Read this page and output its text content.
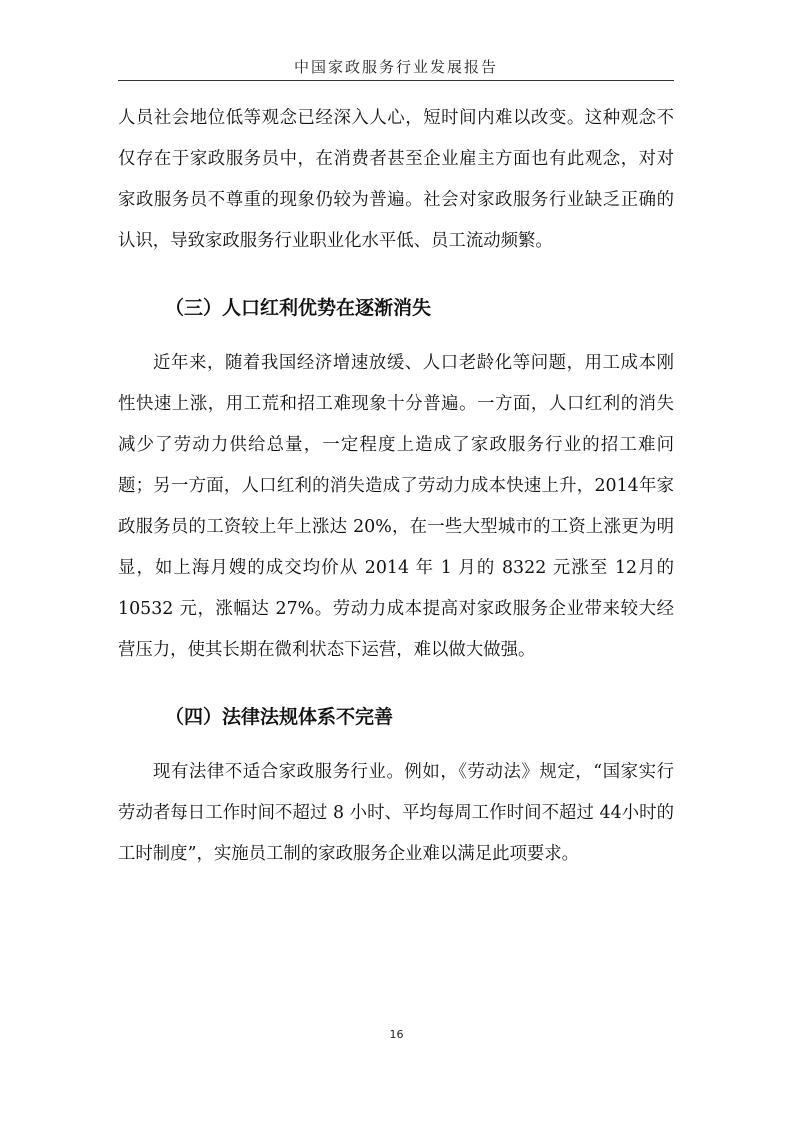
中国家政服务行业发展报告

人员社会地位低等观念已经深入人心，短时间内难以改变。这种观念不仅存在于家政服务员中，在消费者甚至企业雇主方面也有此观念，对对家政服务员不尊重的现象仍较为普遍。社会对家政服务行业缺乏正确的认识，导致家政服务行业职业化水平低、员工流动频繁。

（三）人口红利优势在逐渐消失

近年来，随着我国经济增速放缓、人口老龄化等问题，用工成本刚性快速上涨，用工荒和招工难现象十分普遍。一方面，人口红利的消失减少了劳动力供给总量，一定程度上造成了家政服务行业的招工难问题；另一方面，人口红利的消失造成了劳动力成本快速上升，2014年家政服务员的工资较上年上涨达 20%，在一些大型城市的工资上涨更为明显，如上海月嫂的成交均价从 2014 年 1 月的 8322 元涨至 12月的 10532 元，涨幅达 27%。劳动力成本提高对家政服务企业带来较大经营压力，使其长期在微利状态下运营，难以做大做强。

（四）法律法规体系不完善

现有法律不适合家政服务行业。例如，《劳动法》规定，“国家实行劳动者每日工作时间不超过 8 小时、平均每周工作时间不超过 44小时的工时制度”，实施员工制的家政服务企业难以满足此项要求。

16
